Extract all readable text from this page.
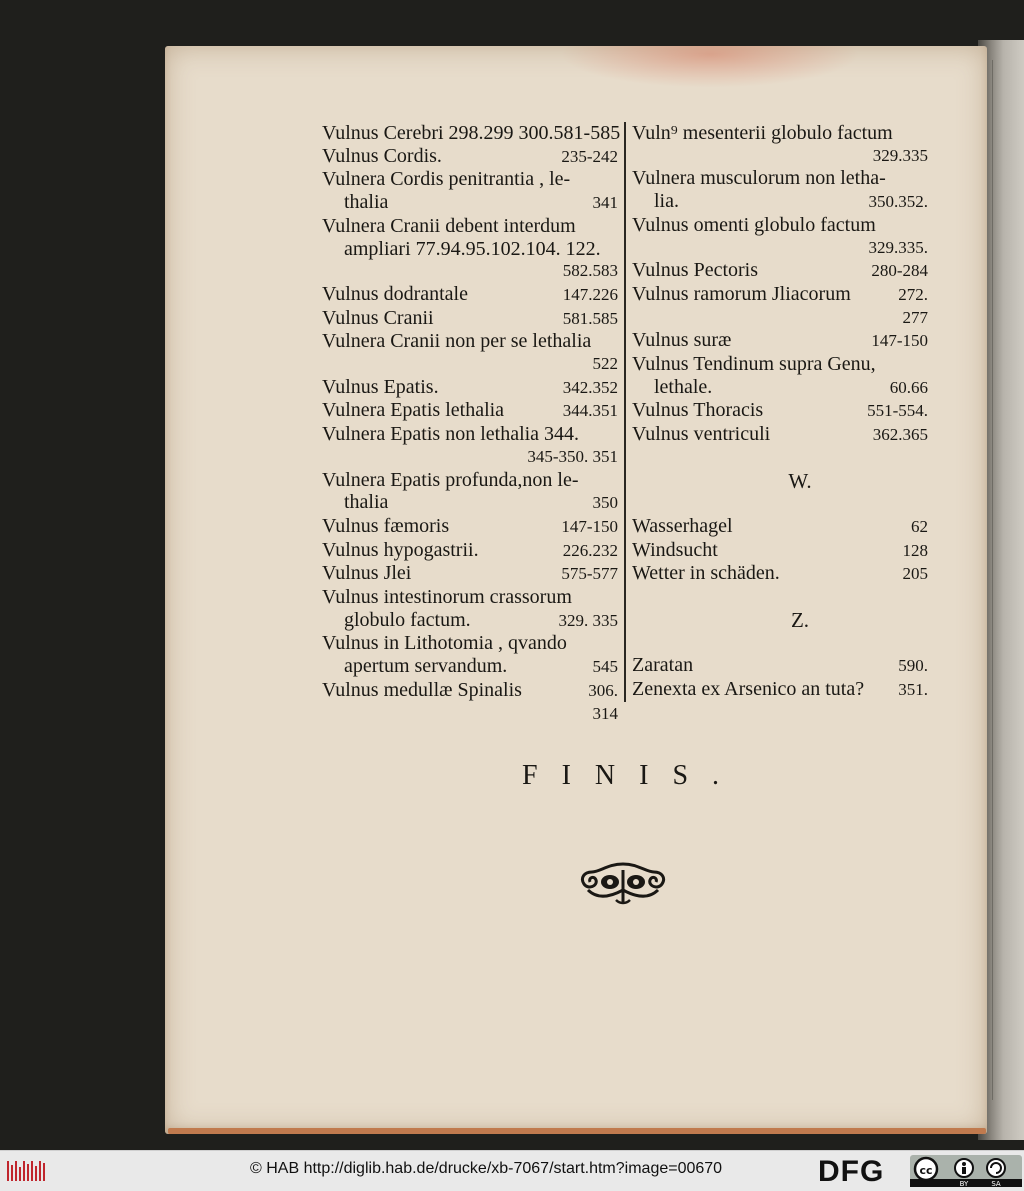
Vulnus Cerebri 298.299 300.581-585
Vulnus Cordis.	235-242
Vulnera Cordis penitrantia , le-
thalia	341
Vulnera Cranii debent interdum
ampliari 77.94.95.102.104. 122.
582.583
Vulnus dodrantale	147.226
Vulnus Cranii	581.585
Vulnera Cranii non per se lethalia
522
Vulnus Epatis.	342.352
Vulnera Epatis lethalia	344.351
Vulnera Epatis non lethalia 344.
345-350. 351
Vulnera Epatis profunda,non le-
thalia	350
Vulnus fæmoris	147-150
Vulnus hypogastrii.	226.232
Vulnus Jlei	575-577
Vulnus intestinorum crassorum
globulo factum.	329. 335
Vulnus in Lithotomia , qvando
apertum servandum.	545
Vulnus medullæ Spinalis	306.
314
Vuln⁹ mesenterii globulo factum
329.335
Vulnera musculorum non letha-
lia.	350.352.
Vulnus omenti globulo factum
329.335.
Vulnus Pectoris	280-284
Vulnus ramorum Jliacorum	272.
277
Vulnus suræ	147-150
Vulnus Tendinum supra Genu,
lethale.	60.66
Vulnus Thoracis	551-554.
Vulnus ventriculi	362.365
W.
Wasserhagel	62
Windsucht	128
Wetter in schäden.	205
Z.
Zaratan	590.
Zenexta ex Arsenico an tuta? 351.
FINIS.
© HAB http://diglib.hab.de/drucke/xb-7067/start.htm?image=00670	DFG	cc
BY	SA
